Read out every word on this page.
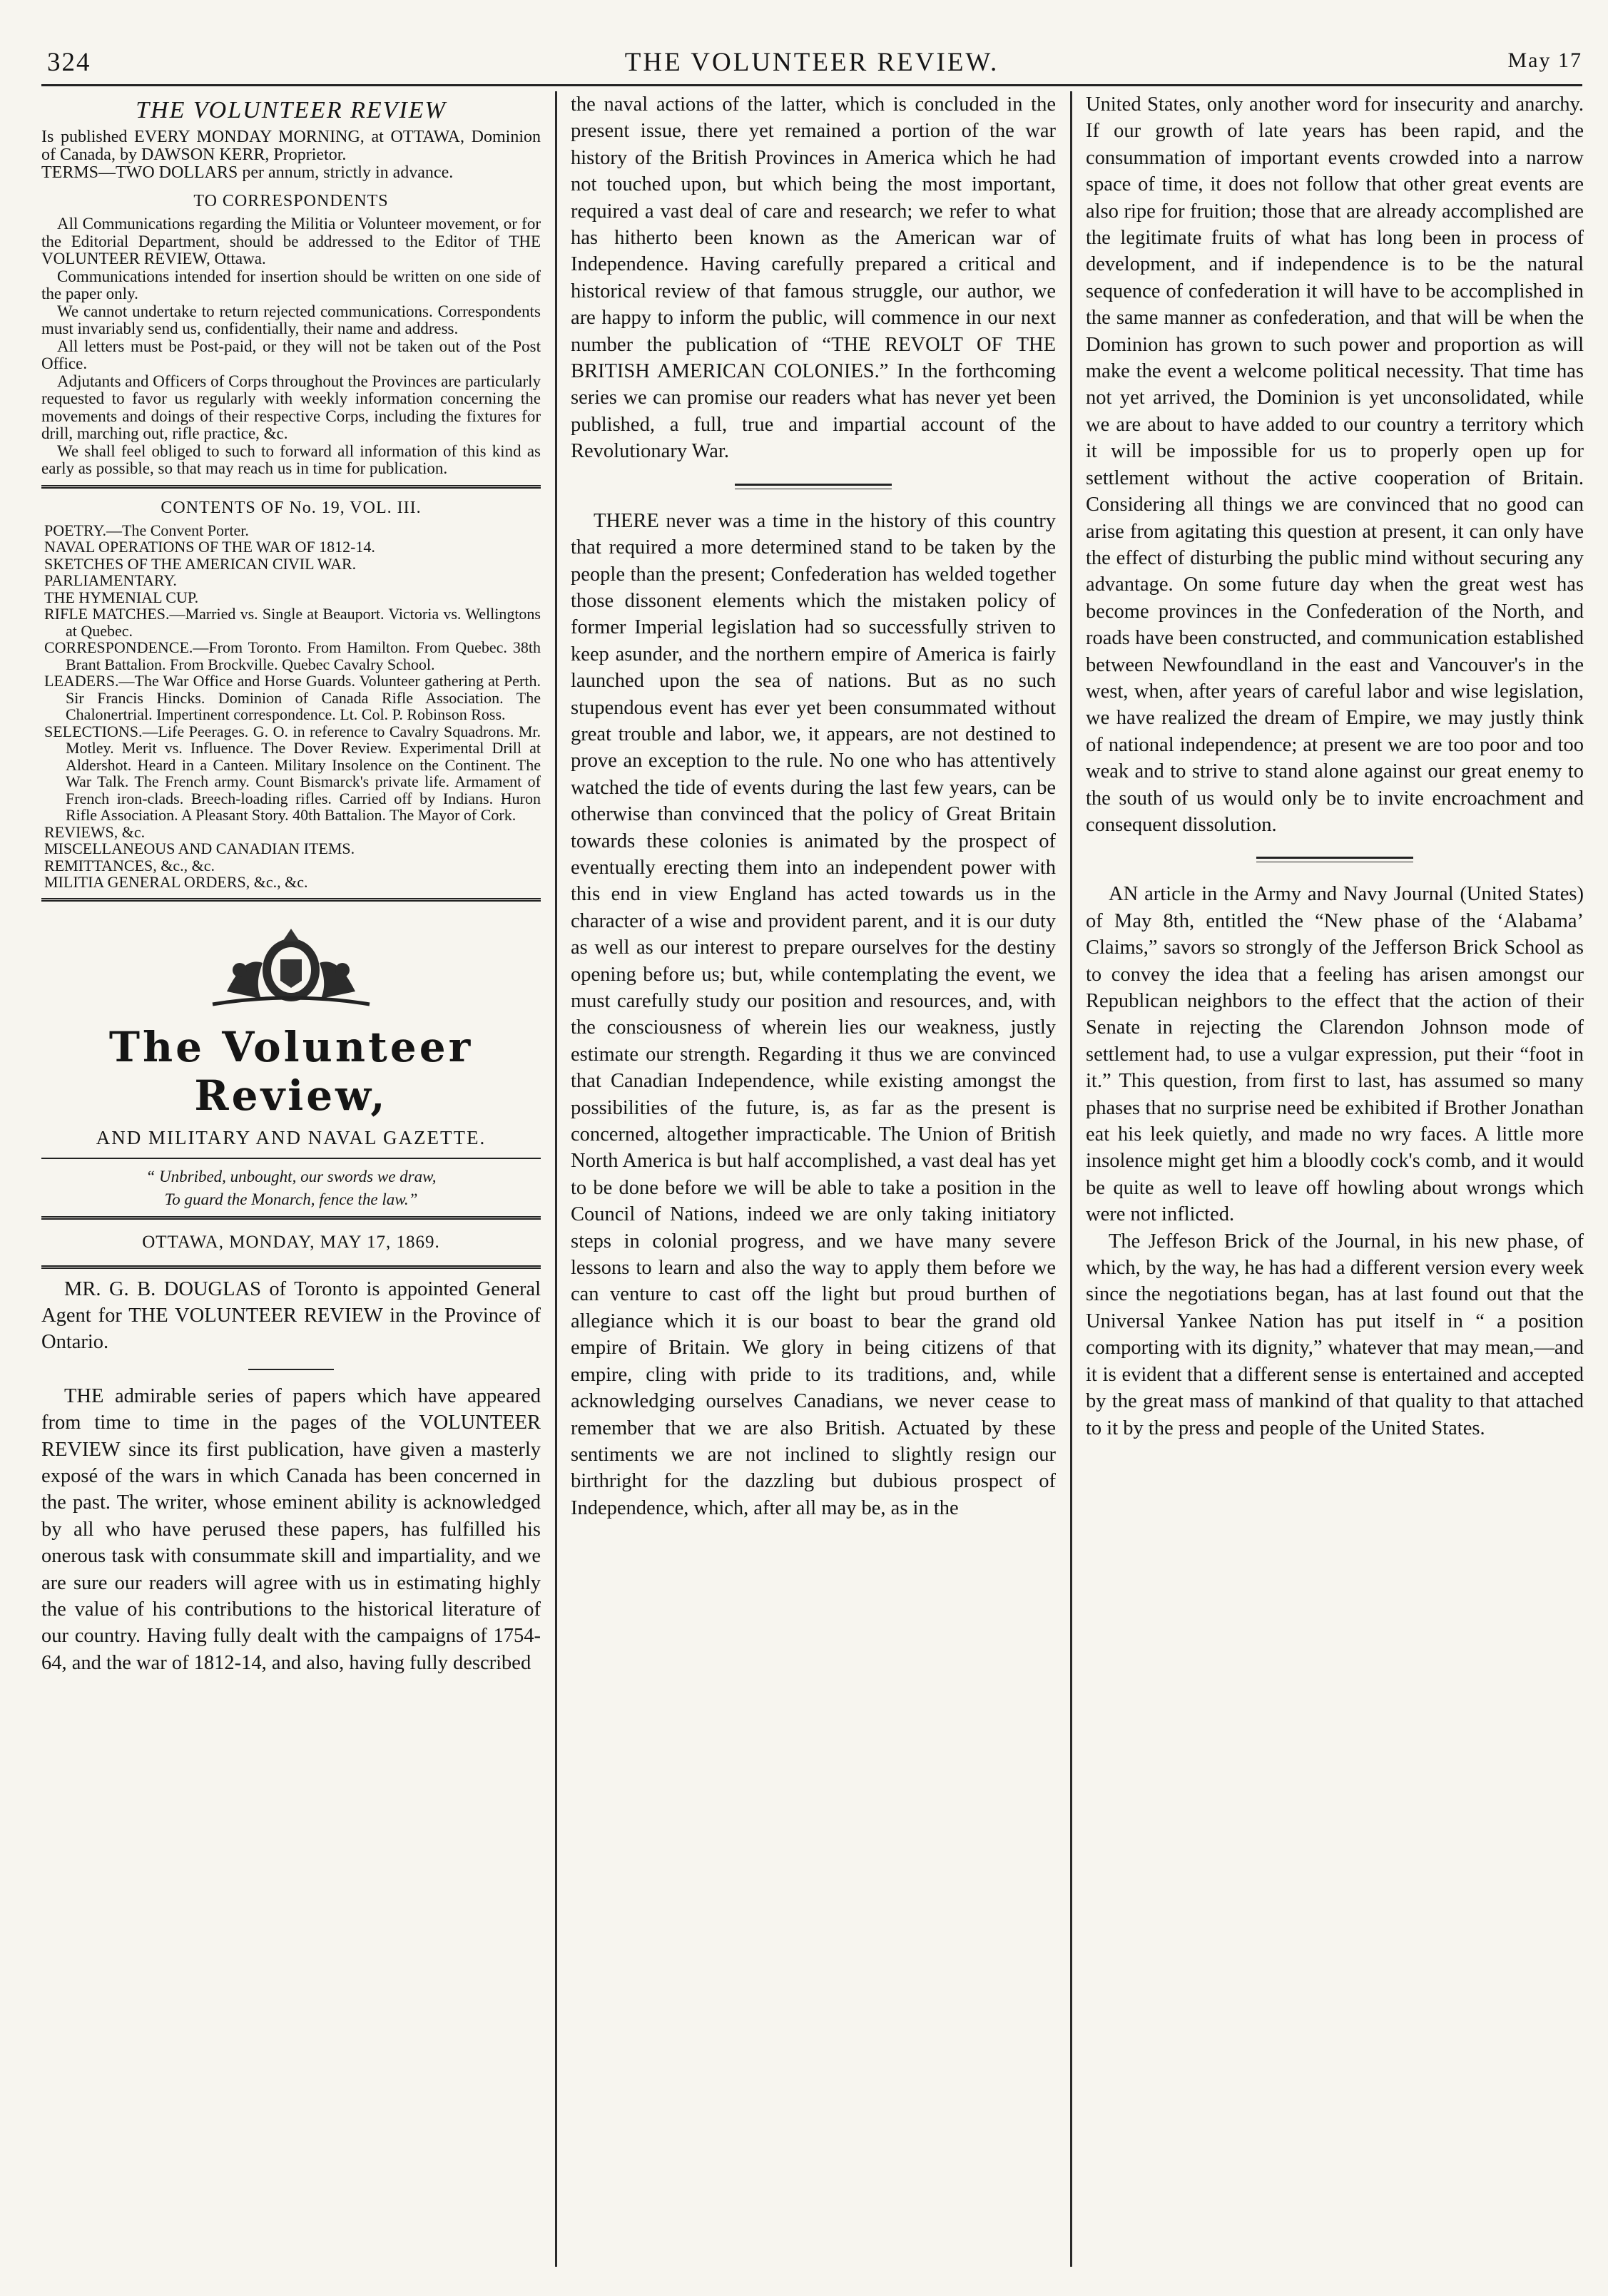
324	THE VOLUNTEER REVIEW.	May 17
THE VOLUNTEER REVIEW

Is published EVERY MONDAY MORNING, at OTTAWA, Dominion of Canada, by DAWSON KERR, Proprietor.

TERMS—TWO DOLLARS per annum, strictly in advance.

TO CORRESPONDENTS

All Communications regarding the Militia or Volunteer movement, or for the Editorial Department, should be addressed to the Editor of THE VOLUNTEER REVIEW, Ottawa.

Communications intended for insertion should be written on one side of the paper only.

We cannot undertake to return rejected communications. Correspondents must invariably send us, confidentially, their name and address.

All letters must be Post-paid, or they will not be taken out of the Post Office.

Adjutants and Officers of Corps throughout the Provinces are particularly requested to favor us regularly with weekly information concerning the movements and doings of their respective Corps, including the fixtures for drill, marching out, rifle practice, &c.

We shall feel obliged to such to forward all information of this kind as early as possible, so that may reach us in time for publication.

CONTENTS OF No. 19, VOL. III.

POETRY.—The Convent Porter.

NAVAL OPERATIONS OF THE WAR OF 1812-14.

SKETCHES OF THE AMERICAN CIVIL WAR.

PARLIAMENTARY.

THE HYMENIAL CUP.

RIFLE MATCHES.—Married vs. Single at Beauport. Victoria vs. Wellingtons at Quebec.

CORRESPONDENCE.—From Toronto. From Hamilton. From Quebec. 38th Brant Battalion. From Brockville. Quebec Cavalry School.

LEADERS.—The War Office and Horse Guards. Volunteer gathering at Perth. Sir Francis Hincks. Dominion of Canada Rifle Association. The Chalonertrial. Impertinent correspondence. Lt. Col. P. Robinson Ross.

SELECTIONS.—Life Peerages. G. O. in reference to Cavalry Squadrons. Mr. Motley. Merit vs. Influence. The Dover Review. Experimental Drill at Aldershot. Heard in a Canteen. Military Insolence on the Continent. The War Talk. The French army. Count Bismarck's private life. Armament of French iron-clads. Breech-loading rifles. Carried off by Indians. Huron Rifle Association. A Pleasant Story. 40th Battalion. The Mayor of Cork.

REVIEWS, &c.

MISCELLANEOUS AND CANADIAN ITEMS.

REMITTANCES, &c., &c.

MILITIA GENERAL ORDERS, &c., &c.

The Volunteer Review,
AND MILITARY AND NAVAL GAZETTE.
“ Unbribed, unbought, our swords we draw,
To guard the Monarch, fence the law.”
OTTAWA, MONDAY, MAY 17, 1869.

MR. G. B. DOUGLAS of Toronto is appointed General Agent for THE VOLUNTEER REVIEW in the Province of Ontario.

THE admirable series of papers which have appeared from time to time in the pages of the VOLUNTEER REVIEW since its first publication, have given a masterly exposé of the wars in which Canada has been concerned in the past. The writer, whose eminent ability is acknowledged by all who have perused these papers, has fulfilled his onerous task with consummate skill and impartiality, and we are sure our readers will agree with us in estimating highly the value of his contributions to the historical literature of our country. Having fully dealt with the campaigns of 1754-64, and the war of 1812-14, and also, having fully described

the naval actions of the latter, which is concluded in the present issue, there yet remained a portion of the war history of the British Provinces in America which he had not touched upon, but which being the most important, required a vast deal of care and research; we refer to what has hitherto been known as the American war of Independence. Having carefully prepared a critical and historical review of that famous struggle, our author, we are happy to inform the public, will commence in our next number the publication of “THE REVOLT OF THE BRITISH AMERICAN COLONIES.” In the forthcoming series we can promise our readers what has never yet been published, a full, true and impartial account of the Revolutionary War.

THERE never was a time in the history of this country that required a more determined stand to be taken by the people than the present; Confederation has welded together those dissonent elements which the mistaken policy of former Imperial legislation had so successfully striven to keep asunder, and the northern empire of America is fairly launched upon the sea of nations. But as no such stupendous event has ever yet been consummated without great trouble and labor, we, it appears, are not destined to prove an exception to the rule. No one who has attentively watched the tide of events during the last few years, can be otherwise than convinced that the policy of Great Britain towards these colonies is animated by the prospect of eventually erecting them into an independent power with this end in view England has acted towards us in the character of a wise and provident parent, and it is our duty as well as our interest to prepare ourselves for the destiny opening before us; but, while contemplating the event, we must carefully study our position and resources, and, with the consciousness of wherein lies our weakness, justly estimate our strength. Regarding it thus we are convinced that Canadian Independence, while existing amongst the possibilities of the future, is, as far as the present is concerned, altogether impracticable. The Union of British North America is but half accomplished, a vast deal has yet to be done before we will be able to take a position in the Council of Nations, indeed we are only taking initiatory steps in colonial progress, and we have many severe lessons to learn and also the way to apply them before we can venture to cast off the light but proud burthen of allegiance which it is our boast to bear the grand old empire of Britain. We glory in being citizens of that empire, cling with pride to its traditions, and, while acknowledging ourselves Canadians, we never cease to remember that we are also British. Actuated by these sentiments we are not inclined to slightly resign our birthright for the dazzling but dubious prospect of Independence, which, after all may be, as in the

United States, only another word for insecurity and anarchy. If our growth of late years has been rapid, and the consummation of important events crowded into a narrow space of time, it does not follow that other great events are also ripe for fruition; those that are already accomplished are the legitimate fruits of what has long been in process of development, and if independence is to be the natural sequence of confederation it will have to be accomplished in the same manner as confederation, and that will be when the Dominion has grown to such power and proportion as will make the event a welcome political necessity. That time has not yet arrived, the Dominion is yet unconsolidated, while we are about to have added to our country a territory which it will be impossible for us to properly open up for settlement without the active cooperation of Britain. Considering all things we are convinced that no good can arise from agitating this question at present, it can only have the effect of disturbing the public mind without securing any advantage. On some future day when the great west has become provinces in the Confederation of the North, and roads have been constructed, and communication established between Newfoundland in the east and Vancouver's in the west, when, after years of careful labor and wise legislation, we have realized the dream of Empire, we may justly think of national independence; at present we are too poor and too weak and to strive to stand alone against our great enemy to the south of us would only be to invite encroachment and consequent dissolution.

AN article in the Army and Navy Journal (United States) of May 8th, entitled the “New phase of the ‘Alabama’ Claims,” savors so strongly of the Jefferson Brick School as to convey the idea that a feeling has arisen amongst our Republican neighbors to the effect that the action of their Senate in rejecting the Clarendon Johnson mode of settlement had, to use a vulgar expression, put their “foot in it.” This question, from first to last, has assumed so many phases that no surprise need be exhibited if Brother Jonathan eat his leek quietly, and made no wry faces. A little more insolence might get him a bloodly cock's comb, and it would be quite as well to leave off howling about wrongs which were not inflicted.

The Jeffeson Brick of the Journal, in his new phase, of which, by the way, he has had a different version every week since the negotiations began, has at last found out that the Universal Yankee Nation has put itself in “ a position comporting with its dignity,” whatever that may mean,—and it is evident that a different sense is entertained and accepted by the great mass of mankind of that quality to that attached to it by the press and people of the United States.
